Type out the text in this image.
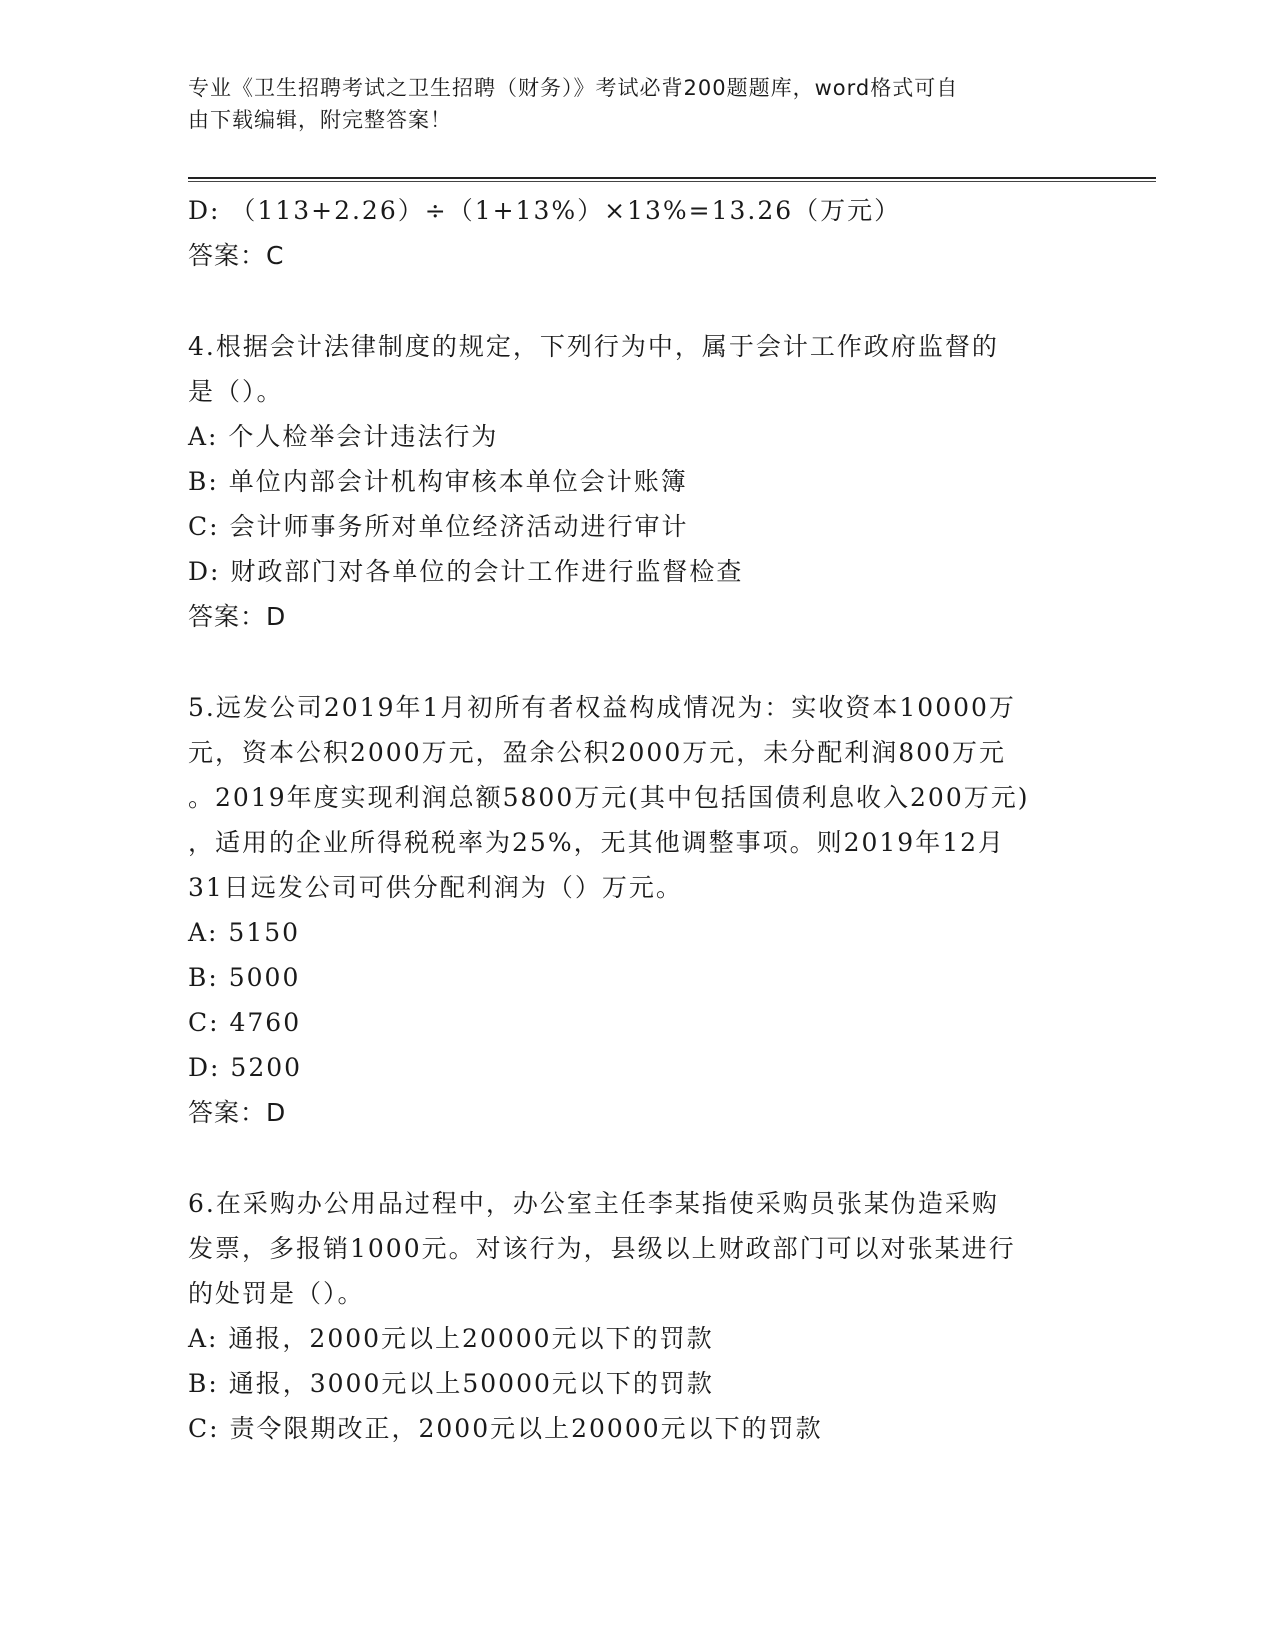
专业《卫生招聘考试之卫生招聘（财务）》考试必背200题题库，word格式可自
由下载编辑，附完整答案！
D: （113+2.26）÷（1+13%）×13%=13.26（万元）
答案：C
4.根据会计法律制度的规定，下列行为中，属于会计工作政府监督的
是（）。
A: 个人检举会计违法行为
B: 单位内部会计机构审核本单位会计账簿
C: 会计师事务所对单位经济活动进行审计
D: 财政部门对各单位的会计工作进行监督检查
答案：D
5.远发公司2019年1月初所有者权益构成情况为：实收资本10000万
元，资本公积2000万元，盈余公积2000万元，未分配利润800万元
。2019年度实现利润总额5800万元(其中包括国债利息收入200万元)
，适用的企业所得税税率为25%，无其他调整事项。则2019年12月
31日远发公司可供分配利润为（）万元。
A: 5150
B: 5000
C: 4760
D: 5200
答案：D
6.在采购办公用品过程中，办公室主任李某指使采购员张某伪造采购
发票，多报销1000元。对该行为，县级以上财政部门可以对张某进行
的处罚是（）。
A: 通报，2000元以上20000元以下的罚款
B: 通报，3000元以上50000元以下的罚款
C: 责令限期改正，2000元以上20000元以下的罚款
